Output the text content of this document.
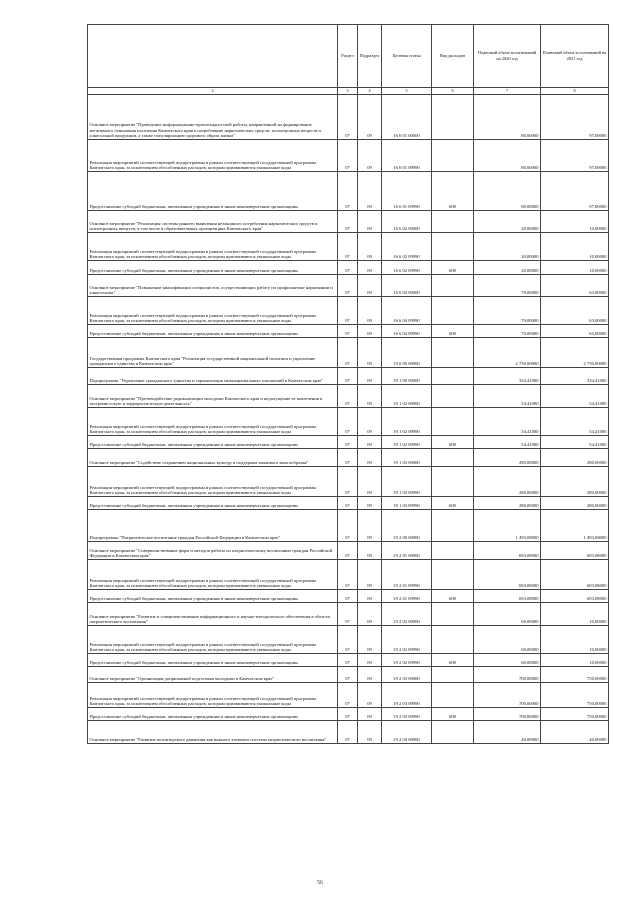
		Раздел	Подраздел	Целевая статья	Вид расходов	Плановый объем ассигнований на 2020 год	Плановый объем ассигнований на 2021 год
	2	3	4	5	6	7	8
	Основное мероприятие "Проведение информационно-пропагандистской работы, направленной на формирование негативного отношения населения Камчатского края к потреблению наркотических средств, психотропных веществ и алкогольной продукции, а также популяризацию здорового образа жизни"	07	09	16 6 01 00000		80,00000	97,00000
	Реализация мероприятий соответствующей подпрограммы в рамках соответствующей государственной программы Камчатского края, за исключением обособленных расходов, которым присваиваются уникальные коды	07	09	16 6 01 09990		80,00000	97,00000
	Предоставление субсидий бюджетным, автономным учреждениям и иным некоммерческим организациям	07	09	16 6 01 09990	600	80,00000	97,00000
	Основное мероприятие "Реализация системы раннего выявления незаконного потребления наркотических средств и психотропных веществ, в том числе в образовательных организациях Камчатского края"	07	09	16 6 02 00000		20,00000	10,00000
	Реализация мероприятий соответствующей подпрограммы в рамках соответствующей государственной программы Камчатского края, за исключением обособленных расходов, которым присваиваются уникальные коды	07	09	16 6 02 09990		20,00000	10,00000
	Предоставление субсидий бюджетным, автономным учреждениям и иным некоммерческим организациям	07	09	16 6 02 09990	600	20,00000	10,00000
	Основное мероприятие "Повышение квалификации специалистов, осуществляющих работу по профилактике наркомании и алкоголизма"	07	09	16 6 04 00000		70,00000	63,00000
	Реализация мероприятий соответствующей подпрограммы в рамках соответствующей государственной программы Камчатского края, за исключением обособленных расходов, которым присваиваются уникальные коды	07	09	16 6 04 09990		70,00000	63,00000
	Предоставление субсидий бюджетным, автономным учреждениям и иным некоммерческим организациям	07	09	16 6 04 09990	600	70,00000	63,00000
	Государственная программа Камчатского края "Реализация государственной национальной политики и укрепление гражданского единства в Камчатском крае"	07	09	19 0 00 00000		2 750,00000	2 750,00000
	Подпрограмма "Укрепление гражданского единства и гармонизация межнациональных отношений в Камчатском крае"	07	09	19 1 00 00000		334,41000	334,41000
	Основное мероприятие "Противодействие радикализации молодежи Камчатского края и недопущение ее вовлечения в экстремистскую и террористическую деятельность"	07	09	19 1 02 00000		54,41000	54,41000
	Реализация мероприятий соответствующей подпрограммы в рамках соответствующей государственной программы Камчатского края, за исключением обособленных расходов, которым присваиваются уникальные коды	07	09	19 1 02 09990		54,41000	54,41000
	Предоставление субсидий бюджетным, автономным учреждениям и иным некоммерческим организациям	07	09	19 1 02 09990	600	54,41000	54,41000
	Основное мероприятие "Содействие сохранению национальных культур и поддержка языкового многообразия"	07	09	19 1 03 00000		280,00000	280,00000
	Реализация мероприятий соответствующей подпрограммы в рамках соответствующей государственной программы Камчатского края, за исключением обособленных расходов, которым присваиваются уникальные коды	07	09	19 1 03 09990		280,00000	280,00000
	Предоставление субсидий бюджетным, автономным учреждениям и иным некоммерческим организациям	07	09	19 1 03 09990	600	280,00000	280,00000
	Подпрограмма "Патриотическое воспитание граждан Российской Федерации в Камчатском крае"	07	09	19 2 00 00000		1 493,08000	1 493,08000
	Основное мероприятие "Совершенствование форм и методов работы по патриотическому воспитанию граждан Российской Федерации в Камчатском крае"	07	09	19 2 01 00000		693,08000	693,08000
	Реализация мероприятий соответствующей подпрограммы в рамках соответствующей государственной программы Камчатского края, за исключением обособленных расходов, которым присваиваются уникальные коды	07	09	19 2 01 09990		693,08000	693,08000
	Предоставление субсидий бюджетным, автономным учреждениям и иным некоммерческим организациям	07	09	19 2 01 09990	600	693,08000	693,08000
	Основное мероприятие "Развитие и совершенствование информационного и научно-методического обеспечения в области патриотического воспитания"	07	09	19 2 02 00000		60,00000	10,00000
	Реализация мероприятий соответствующей подпрограммы в рамках соответствующей государственной программы Камчатского края, за исключением обособленных расходов, которым присваиваются уникальные коды	07	09	19 2 02 09990		60,00000	10,00000
	Предоставление субсидий бюджетным, автономным учреждениям и иным некоммерческим организациям	07	09	19 2 02 09990	600	60,00000	10,00000
	Основное мероприятие "Организация допризывной подготовки молодежи в Камчатском крае"	07	09	19 2 03 00000		700,00000	750,00000
	Реализация мероприятий соответствующей подпрограммы в рамках соответствующей государственной программы Камчатского края, за исключением обособленных расходов, которым присваиваются уникальные коды	07	09	19 2 03 09990		700,00000	750,00000
	Предоставление субсидий бюджетным, автономным учреждениям и иным некоммерческим организациям	07	09	19 2 03 09990	600	700,00000	750,00000
	Основное мероприятие "Развитие волонтерского движения как важного элемента системы патриотического воспитания"	07	09	19 2 04 00000		40,00000	40,00000
56
